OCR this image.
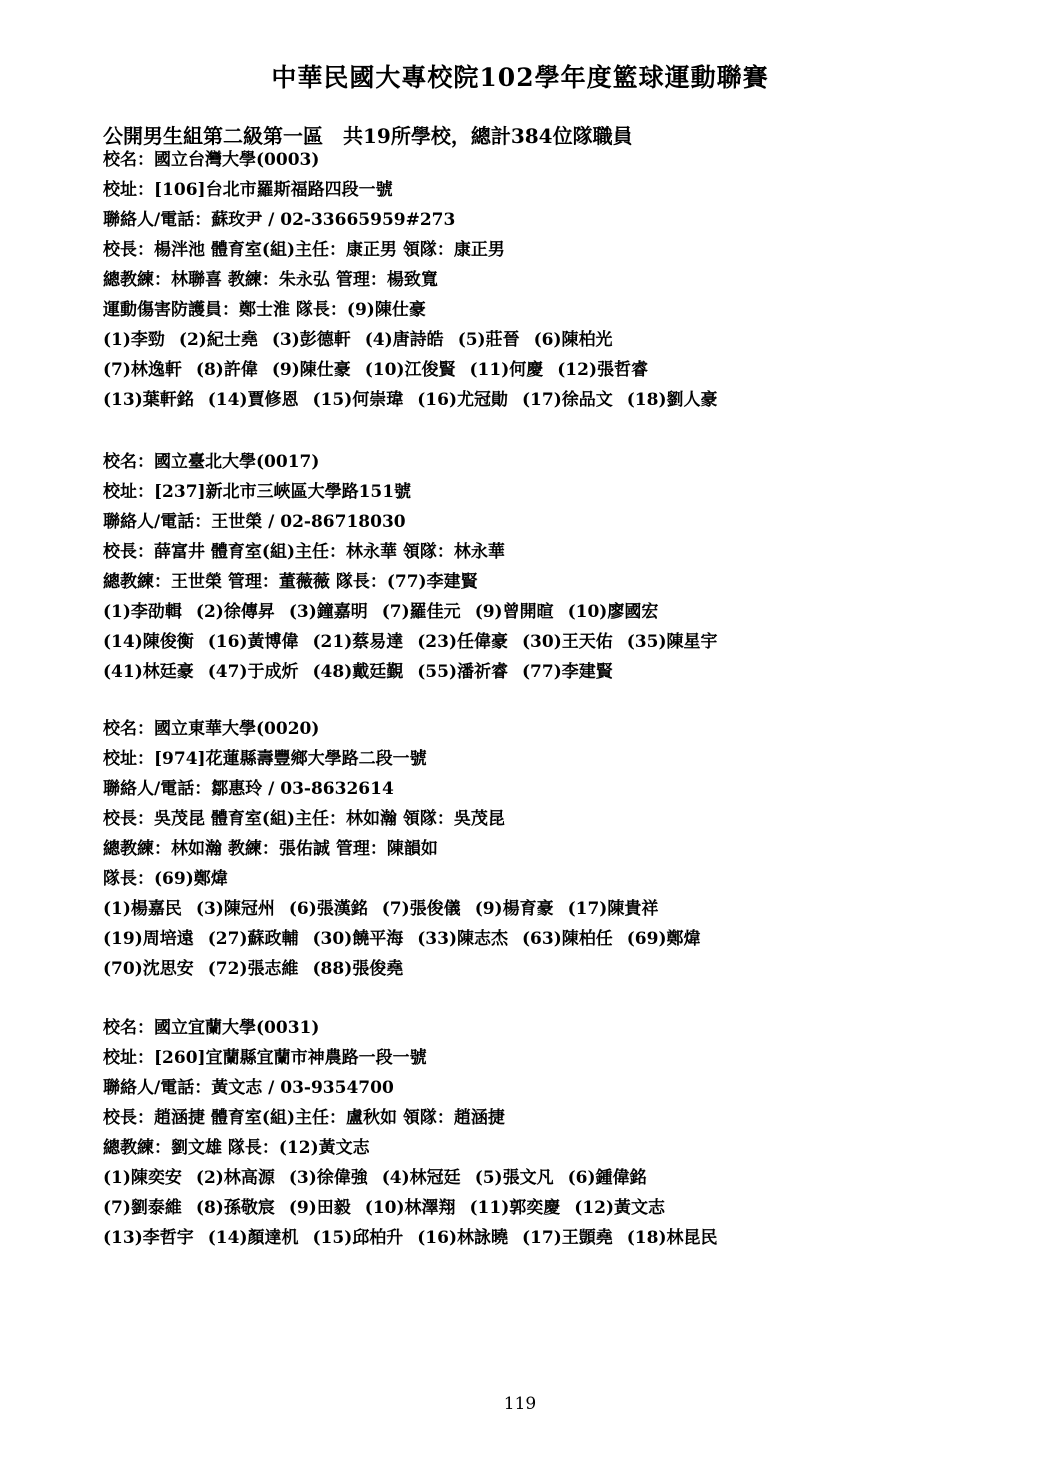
中華民國大專校院102學年度籃球運動聯賽
公開男生組第二級第一區　共19所學校，總計384位隊職員
校名：國立台灣大學(0003)
校址：[106]台北市羅斯福路四段一號
聯絡人/電話：蘇玫尹 / 02-33665959#273
校長：楊泮池 體育室(組)主任：康正男 領隊：康正男
總教練：林聯喜 教練：朱永弘 管理：楊致寬
運動傷害防護員：鄭士淮 隊長：(9)陳仕豪
(1)李勁 (2)紀士堯 (3)彭德軒 (4)唐詩皓 (5)莊晉 (6)陳柏光
(7)林逸軒 (8)許偉 (9)陳仕豪 (10)江俊賢 (11)何慶 (12)張哲睿
(13)葉軒銘 (14)賈修恩 (15)何崇瑋 (16)尤冠勛 (17)徐品文 (18)劉人豪
校名：國立臺北大學(0017)
校址：[237]新北市三峽區大學路151號
聯絡人/電話：王世榮 / 02-86718030
校長：薛富井 體育室(組)主任：林永華 領隊：林永華
總教練：王世榮 管理：董薇薇 隊長：(77)李建賢
(1)李劭輯 (2)徐傳昇 (3)鐘嘉明 (7)羅佳元 (9)曾開暄 (10)廖國宏
(14)陳俊衡 (16)黃博偉 (21)蔡易達 (23)任偉豪 (30)王天佑 (35)陳星宇
(41)林廷豪 (47)于成炘 (48)戴廷覲 (55)潘祈睿 (77)李建賢
校名：國立東華大學(0020)
校址：[974]花蓮縣壽豐鄉大學路二段一號
聯絡人/電話：鄒惠玲 / 03-8632614
校長：吳茂昆 體育室(組)主任：林如瀚 領隊：吳茂昆
總教練：林如瀚 教練：張佑誠 管理：陳韻如
隊長：(69)鄭煒
(1)楊嘉民 (3)陳冠州 (6)張漢銘 (7)張俊儀 (9)楊育豪 (17)陳貴祥
(19)周培遠 (27)蘇政輔 (30)饒平海 (33)陳志杰 (63)陳柏任 (69)鄭煒
(70)沈思安 (72)張志維 (88)張俊堯
校名：國立宜蘭大學(0031)
校址：[260]宜蘭縣宜蘭市神農路一段一號
聯絡人/電話：黃文志 / 03-9354700
校長：趙涵捷 體育室(組)主任：盧秋如 領隊：趙涵捷
總教練：劉文雄 隊長：(12)黃文志
(1)陳奕安 (2)林高源 (3)徐偉強 (4)林冠廷 (5)張文凡 (6)鍾偉銘
(7)劉泰維 (8)孫敬宸 (9)田毅 (10)林澤翔 (11)郭奕慶 (12)黃文志
(13)李哲宇 (14)顏達机 (15)邱柏升 (16)林詠曉 (17)王顗堯 (18)林昆民
119
